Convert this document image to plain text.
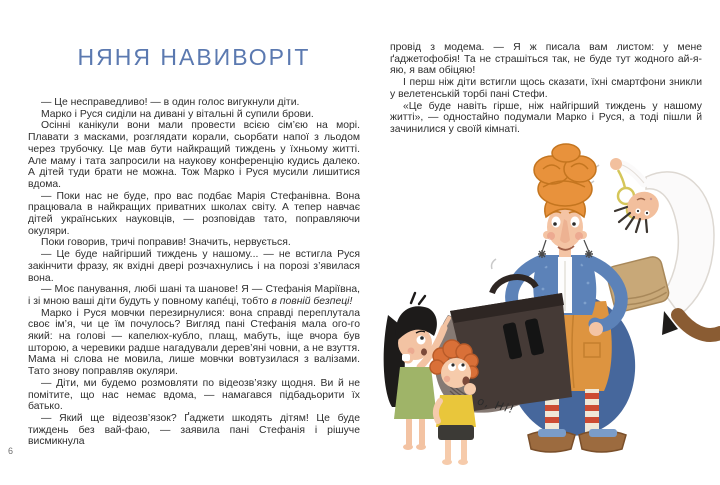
НЯНЯ НАВИВОРІТ

— Це несправедливо! — в один голос вигукнули діти.

Марко і Руся сиділи на дивані у вітальні й супили брови.

Осінні канікули вони мали провести всією сім’єю на морі. Плавати з масками, розглядати корали, сьорбати напої з льодом через трубочку. Це мав бути найкращий тиждень у їхньому житті. Але маму і тата запросили на наукову конференцію кудись далеко. А дітей туди брати не можна. Тож Марко і Руся мусили лишитися вдома.

— Поки нас не буде, про вас подбає Марія Стефанівна. Вона працювала в найкращих приватних школах світу. А тепер навчає дітей українських науковців, — розповідав тато, поправляючи окуляри.

Поки говорив, тричі поправив! Значить, нервується.

— Це буде найгірший тиждень у нашому... — не встигла Руся закінчити фразу, як вхідні двері розчахнулись і на порозі з’явилася вона.

— Моє панування, любі шані та шанове! Я — Стефанія Маріївна, і зі мною ваші діти будуть у повному капе́ці, тобто в повній безпеці!

Марко і Руся мовчки перезирнулися: вона справді переплутала своє ім’я, чи це їм почулось? Вигляд пані Стефанія мала ого-го який: на голові — капелюх-кубло, плащ, мабуть, іще вчора був шторою, а черевики радше нагадували дерев’яні човни, а не взуття. Мама ні слова не мовила, лише мовчки вовтузилася з валізами. Тато знову поправляв окуляри.

— Діти, ми будемо розмовляти по відеозв’язку щодня. Ви й не помітите, що нас немає вдома, — намагався підбадьорити їх батько.

— Який ще відеозв’язок? Ґаджети шкодять дітям! Це буде тиждень без вай-фаю, — заявила пані Стефанія і рішуче висмикнула

6

провід з модема. — Я ж писала вам листом: у мене ґаджетофобія! Та не страшіться так, не буде тут жодного ай-я-яю, я вам обіцяю!

І перш ніж діти встигли щось сказати, їхні смартфони зникли у велетенській торбі пані Стефи.

«Це буде навіть гірше, ніж найгірший тиждень у нашому житті», — одностайно подумали Марко і Руся, а тоді пішли й зачинилися у своїй кімнаті.

о, Ні!
